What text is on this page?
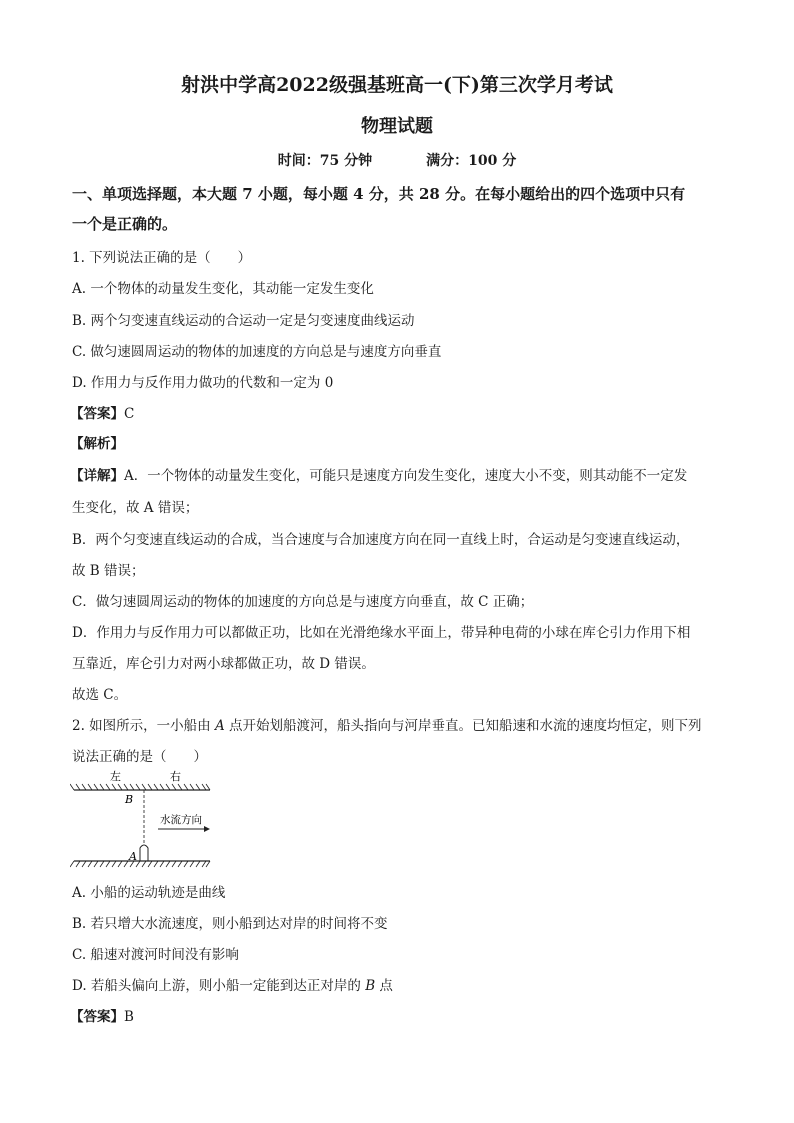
射洪中学高2022级强基班高一(下)第三次学月考试
物理试题
时间：75 分钟	满分：100 分
一、单项选择题，本大题 7 小题，每小题 4 分，共 28 分。在每小题给出的四个选项中只有
一个是正确的。
1. 下列说法正确的是（　　）
A. 一个物体的动量发生变化，其动能一定发生变化
B. 两个匀变速直线运动的合运动一定是匀变速度曲线运动
C. 做匀速圆周运动的物体的加速度的方向总是与速度方向垂直
D. 作用力与反作用力做功的代数和一定为 0
【答案】C
【解析】
【详解】A．一个物体的动量发生变化，可能只是速度方向发生变化，速度大小不变，则其动能不一定发
生变化，故 A 错误；
B．两个匀变速直线运动的合成，当合速度与合加速度方向在同一直线上时，合运动是匀变速直线运动，
故 B 错误；
C．做匀速圆周运动的物体的加速度的方向总是与速度方向垂直，故 C 正确；
D．作用力与反作用力可以都做正功，比如在光滑绝缘水平面上，带异种电荷的小球在库仑引力作用下相
互靠近，库仑引力对两小球都做正功，故 D 错误。
故选 C。
2. 如图所示，一小船由 A 点开始划船渡河，船头指向与河岸垂直。已知船速和水流的速度均恒定，则下列
说法正确的是（　　）
左	右
B
水流方向
A
A. 小船的运动轨迹是曲线
B. 若只增大水流速度，则小船到达对岸的时间将不变
C. 船速对渡河时间没有影响
D. 若船头偏向上游，则小船一定能到达正对岸的 B 点
【答案】B
